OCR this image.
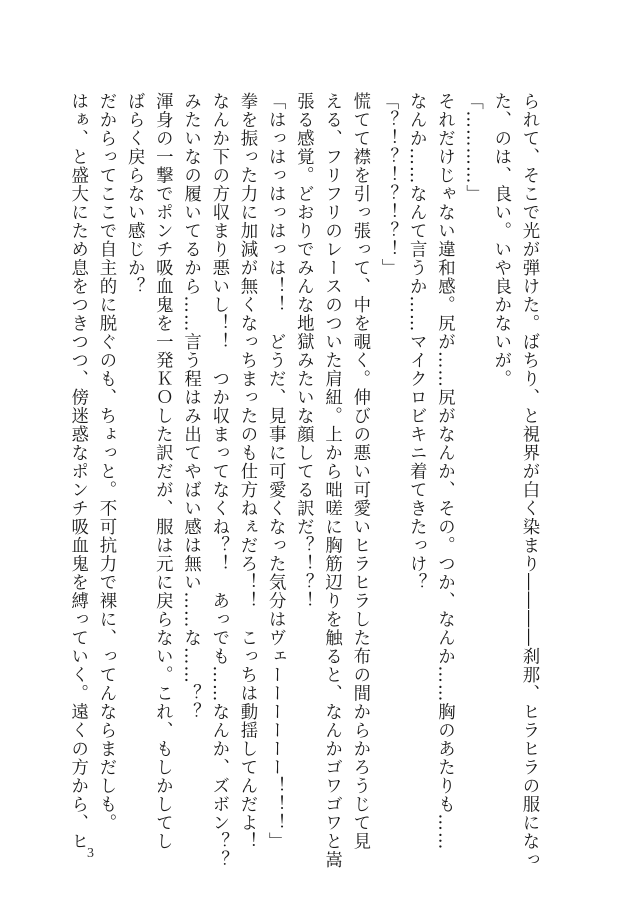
られて、そこで光が弾けた。ばちり、と視界が白く染まり――――刹那、ヒラヒラの服になっ
た、のは、良い。いや良かないが。
「…………」
それだけじゃない違和感。尻が……尻がなんか、その。つか、なんか……胸のあたりも……
なんか……なんて言うか……マイクロビキニ着てきたっけ？
「？！？！？！？！」
慌てて襟を引っ張って、中を覗く。伸びの悪い可愛いヒラヒラした布の間からかろうじて見
える、フリフリのレースのついた肩紐。上から咄嗟に胸筋辺りを触ると、なんかゴワゴワと嵩
張る感覚。どおりでみんな地獄みたいな顔してる訳だ？！？！
「はっはっはっはっは！！　どうだ、見事に可愛くなった気分はヴェーーーーーー！！！」
拳を振った力に加減が無くなっちまったのも仕方ねぇだろ！！　こっちは動揺してんだよ！
なんか下の方収まり悪いし！！　つか収まってなくね？！　あっでも……なんか、ズボン？？
みたいなの履いてるから……言う程はみ出てやばい感は無い……な……？？
渾身の一撃でポンチ吸血鬼を一発ＫＯした訳だが、服は元に戻らない。これ、もしかしてし
ばらく戻らない感じか？
だからってここで自主的に脱ぐのも、ちょっと。不可抗力で裸に、ってんならまだしも。
はぁ、と盛大にため息をつきつつ、傍迷惑なポンチ吸血鬼を縛っていく。遠くの方から、ヒ
3
